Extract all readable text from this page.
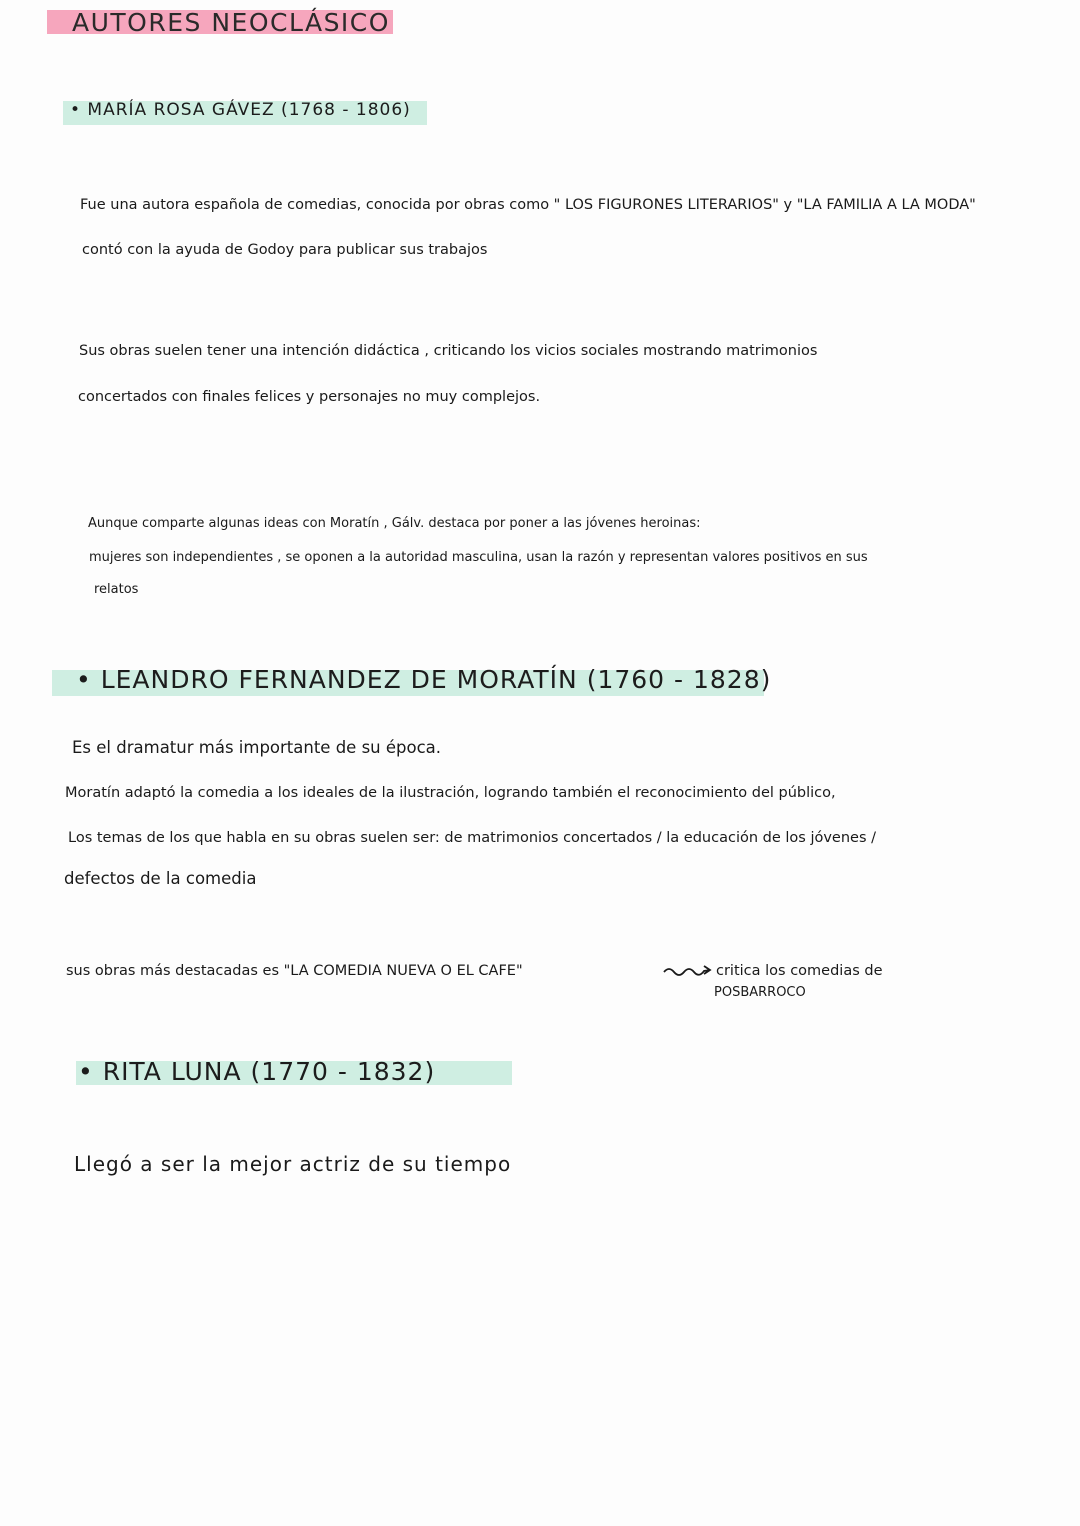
AUTORES NEOCLÁSICO
• MARÍA ROSA GÁVEZ (1768 - 1806)
Fue una autora española de comedias, conocida por obras como " LOS FIGURONES LITERARIOS" y "LA FAMILIA A LA MODA"
contó con la ayuda de Godoy para publicar sus trabajos
Sus obras suelen tener una intención didáctica , criticando los vicios sociales mostrando matrimonios
concertados con finales felices y personajes no muy complejos.
Aunque comparte algunas ideas con Moratín , Gálv. destaca por poner a las jóvenes heroinas:
mujeres son independientes , se oponen a la autoridad masculina, usan la razón y representan valores positivos en sus
relatos
• LEANDRO FERNANDEZ DE MORATÍN (1760 - 1828)
Es el dramatur más importante de su época.
Moratín adaptó la comedia a los ideales de la ilustración, logrando también el reconocimiento del público,
Los temas de los que habla en su obras suelen ser: de matrimonios concertados / la educación de los jóvenes /
defectos de la comedia
sus obras más destacadas es "LA COMEDIA NUEVA O EL CAFE"	critica los comedias de
POSBARROCO
• RITA LUNA (1770 - 1832)
Llegó a ser la mejor actriz de su tiempo
